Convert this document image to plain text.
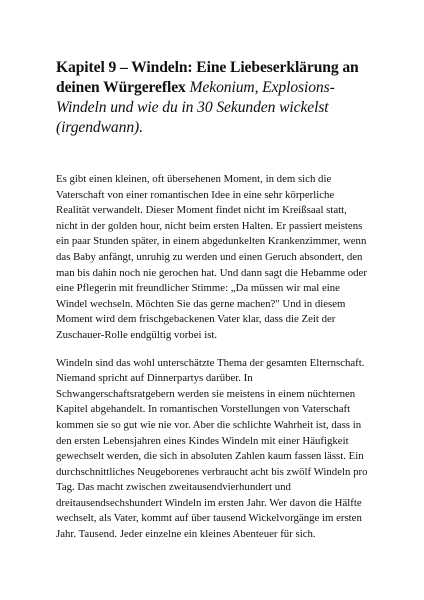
Kapitel 9 – Windeln: Eine Liebeserklärung an deinen Würgereflex Mekonium, Explosions-Windeln und wie du in 30 Sekunden wickelst (irgendwann).

Es gibt einen kleinen, oft übersehenen Moment, in dem sich die Vaterschaft von einer romantischen Idee in eine sehr körperliche Realität verwandelt. Dieser Moment findet nicht im Kreißsaal statt, nicht in der golden hour, nicht beim ersten Halten. Er passiert meistens ein paar Stunden später, in einem abgedunkelten Krankenzimmer, wenn das Baby anfängt, unruhig zu werden und einen Geruch absondert, den man bis dahin noch nie gerochen hat. Und dann sagt die Hebamme oder eine Pflegerin mit freundlicher Stimme: „Da müssen wir mal eine Windel wechseln. Möchten Sie das gerne machen?" Und in diesem Moment wird dem frischgebackenen Vater klar, dass die Zeit der Zuschauer-Rolle endgültig vorbei ist.

Windeln sind das wohl unterschätzte Thema der gesamten Elternschaft. Niemand spricht auf Dinnerpartys darüber. In Schwangerschaftsratgebern werden sie meistens in einem nüchternen Kapitel abgehandelt. In romantischen Vorstellungen von Vaterschaft kommen sie so gut wie nie vor. Aber die schlichte Wahrheit ist, dass in den ersten Lebensjahren eines Kindes Windeln mit einer Häufigkeit gewechselt werden, die sich in absoluten Zahlen kaum fassen lässt. Ein durchschnittliches Neugeborenes verbraucht acht bis zwölf Windeln pro Tag. Das macht zwischen zweitausendvierhundert und dreitausendsechshundert Windeln im ersten Jahr. Wer davon die Hälfte wechselt, als Vater, kommt auf über tausend Wickelvorgänge im ersten Jahr. Tausend. Jeder einzelne ein kleines Abenteuer für sich.
